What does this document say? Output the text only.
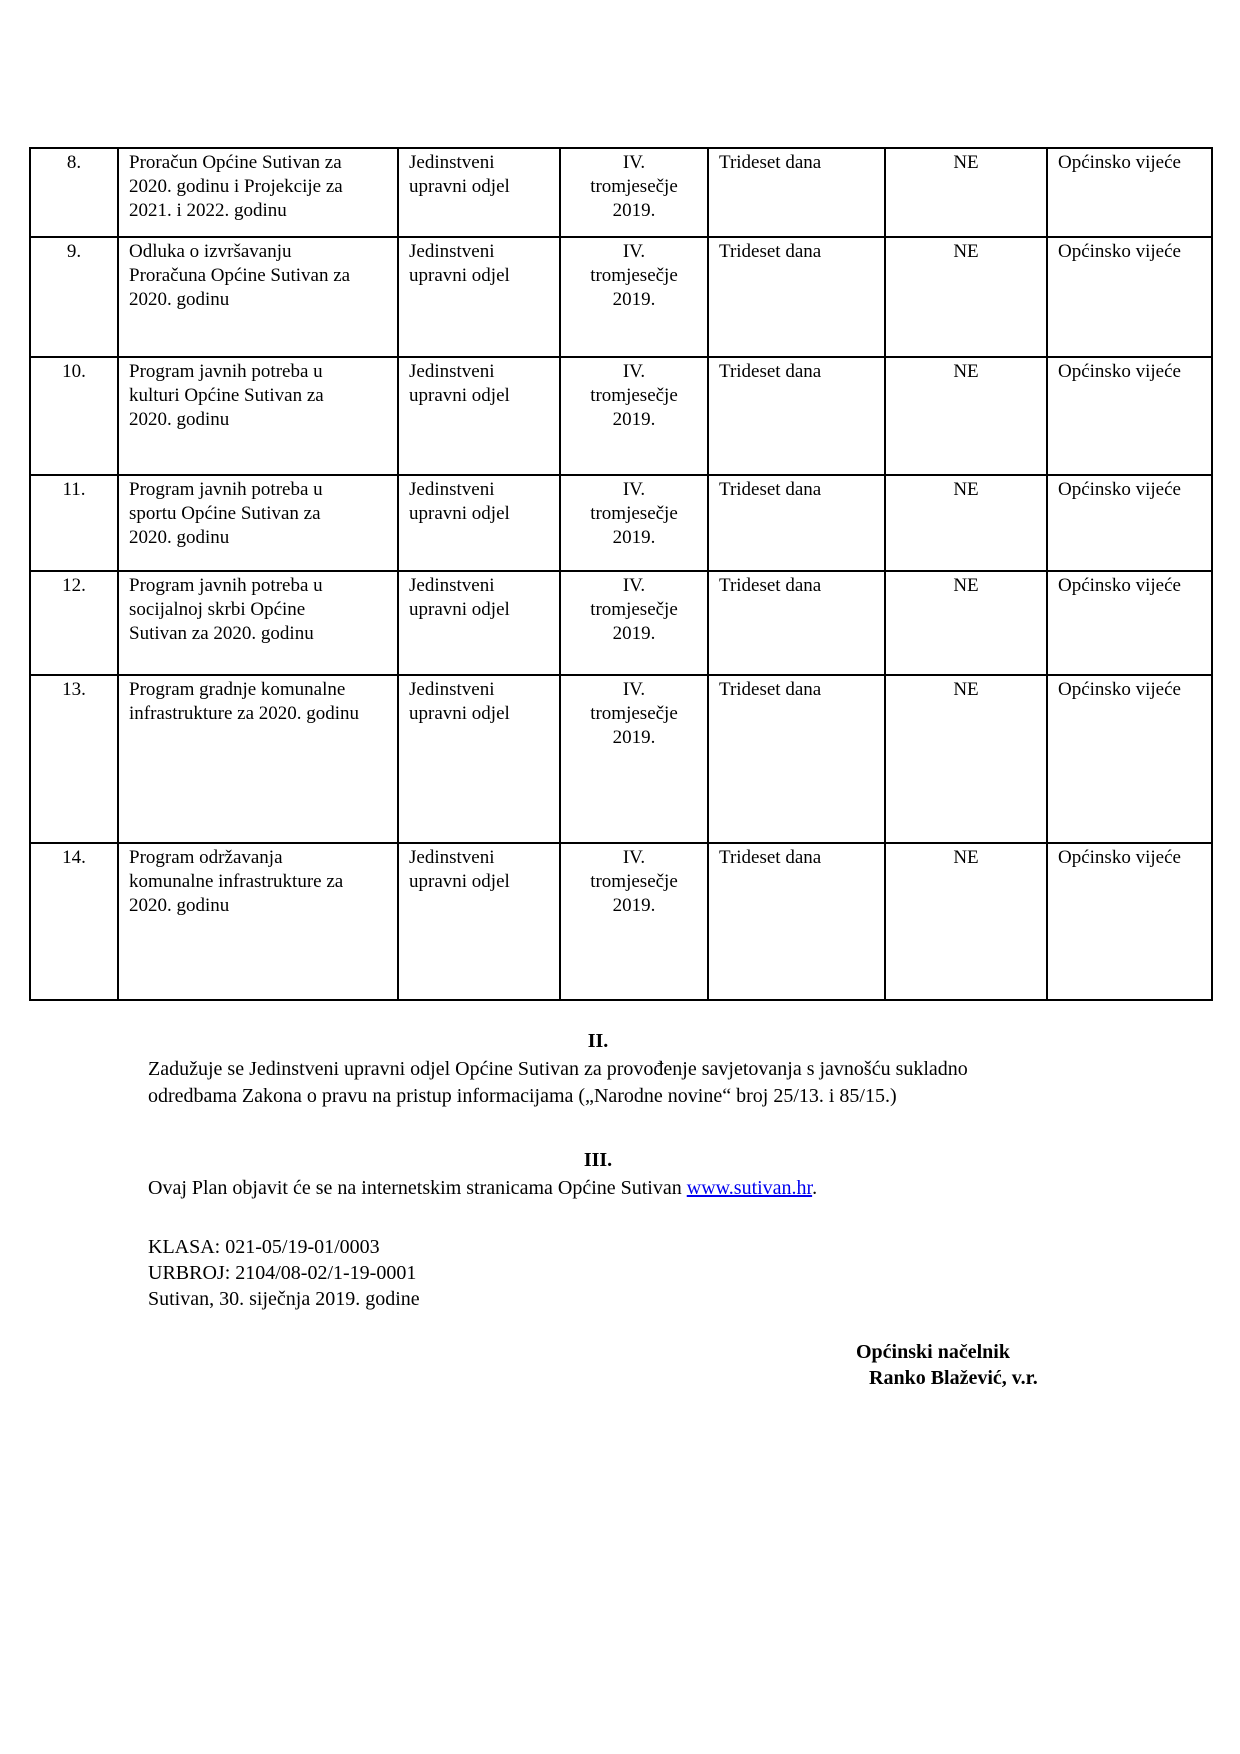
8.	Proračun Općine Sutivan za
2020. godinu i Projekcije za
2021. i 2022. godinu	Jedinstveni
upravni odjel	IV.
tromjesečje
2019.	Trideset dana	NE	Općinsko vijeće
9.	Odluka o izvršavanju
Proračuna Općine Sutivan za
2020. godinu	Jedinstveni
upravni odjel	IV.
tromjesečje
2019.	Trideset dana	NE	Općinsko vijeće
10.	Program javnih potreba u
kulturi Općine Sutivan za
2020. godinu	Jedinstveni
upravni odjel	IV.
tromjesečje
2019.	Trideset dana	NE	Općinsko vijeće
11.	Program javnih potreba u
sportu Općine Sutivan za
2020. godinu	Jedinstveni
upravni odjel	IV.
tromjesečje
2019.	Trideset dana	NE	Općinsko vijeće
12.	Program javnih potreba u
socijalnoj skrbi Općine
Sutivan za 2020. godinu	Jedinstveni
upravni odjel	IV.
tromjesečje
2019.	Trideset dana	NE	Općinsko vijeće
13.	Program gradnje komunalne
infrastrukture za 2020. godinu	Jedinstveni
upravni odjel	IV.
tromjesečje
2019.	Trideset dana	NE	Općinsko vijeće
14.	Program održavanja
komunalne infrastrukture za
2020. godinu	Jedinstveni
upravni odjel	IV.
tromjesečje
2019.	Trideset dana	NE	Općinsko vijeće
II.
Zadužuje se Jedinstveni upravni odjel Općine Sutivan za provođenje savjetovanja s javnošću sukladno odredbama Zakona o pravu na pristup informacijama („Narodne novine“ broj 25/13. i 85/15.)
III.
Ovaj Plan objavit će se na internetskim stranicama Općine Sutivan www.sutivan.hr.
KLASA: 021-05/19-01/0003
URBROJ: 2104/08-02/1-19-0001
Sutivan, 30. siječnja 2019. godine
Općinski načelnik
Ranko Blažević, v.r.
